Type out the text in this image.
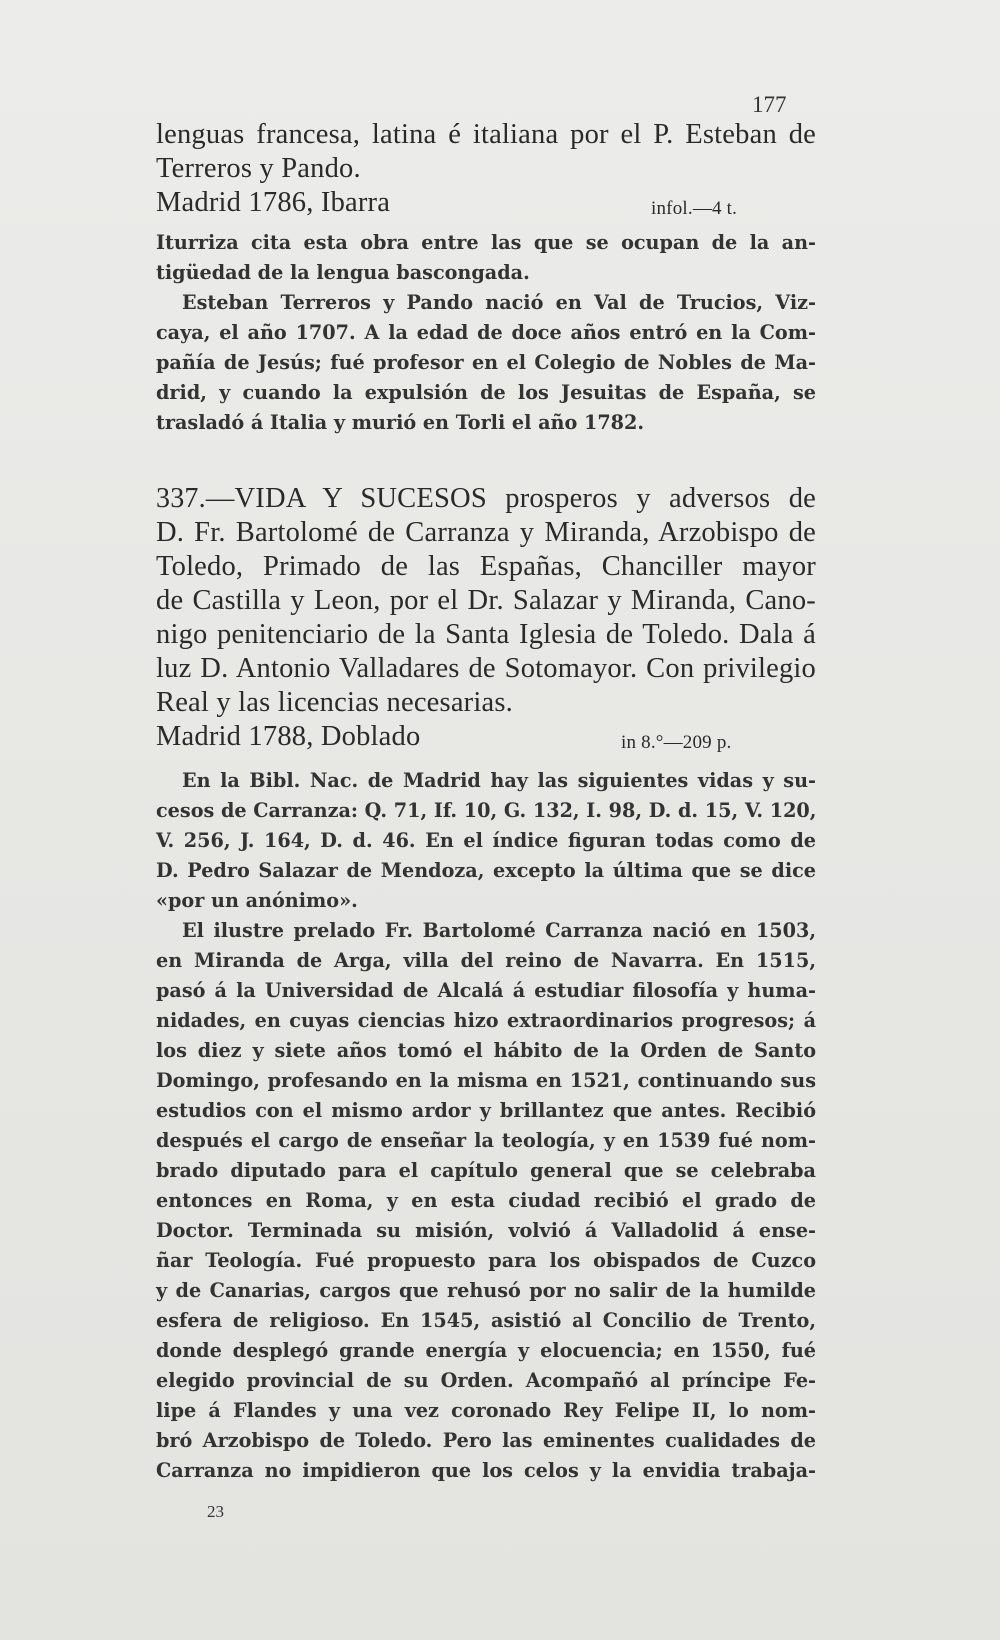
177
lenguas francesa, latina é italiana por el P. Esteban de
Terreros y Pando.
Madrid 1786, Ibarra	infol.—4 t.
Iturriza cita esta obra entre las que se ocupan de la an-
tigüedad de la lengua bascongada.
Esteban Terreros y Pando nació en Val de Trucios, Viz-
caya, el año 1707. A la edad de doce años entró en la Com-
pañía de Jesús; fué profesor en el Colegio de Nobles de Ma-
drid, y cuando la expulsión de los Jesuitas de España, se
trasladó á Italia y murió en Torli el año 1782.
337.—VIDA Y SUCESOS prosperos y adversos de
D. Fr. Bartolomé de Carranza y Miranda, Arzobispo de
Toledo, Primado de las Españas, Chanciller mayor
de Castilla y Leon, por el Dr. Salazar y Miranda, Cano-
nigo penitenciario de la Santa Iglesia de Toledo. Dala á
luz D. Antonio Valladares de Sotomayor. Con privilegio
Real y las licencias necesarias.
Madrid 1788, Doblado	in 8.°—209 p.
En la Bibl. Nac. de Madrid hay las siguientes vidas y su-
cesos de Carranza: Q. 71, If. 10, G. 132, I. 98, D. d. 15, V. 120,
V. 256, J. 164, D. d. 46. En el índice figuran todas como de
D. Pedro Salazar de Mendoza, excepto la última que se dice
«por un anónimo».
El ilustre prelado Fr. Bartolomé Carranza nació en 1503,
en Miranda de Arga, villa del reino de Navarra. En 1515,
pasó á la Universidad de Alcalá á estudiar filosofía y huma-
nidades, en cuyas ciencias hizo extraordinarios progresos; á
los diez y siete años tomó el hábito de la Orden de Santo
Domingo, profesando en la misma en 1521, continuando sus
estudios con el mismo ardor y brillantez que antes. Recibió
después el cargo de enseñar la teología, y en 1539 fué nom-
brado diputado para el capítulo general que se celebraba
entonces en Roma, y en esta ciudad recibió el grado de
Doctor. Terminada su misión, volvió á Valladolid á ense-
ñar Teología. Fué propuesto para los obispados de Cuzco
y de Canarias, cargos que rehusó por no salir de la humilde
esfera de religioso. En 1545, asistió al Concilio de Trento,
donde desplegó grande energía y elocuencia; en 1550, fué
elegido provincial de su Orden. Acompañó al príncipe Fe-
lipe á Flandes y una vez coronado Rey Felipe II, lo nom-
bró Arzobispo de Toledo. Pero las eminentes cualidades de
Carranza no impidieron que los celos y la envidia trabaja-
23
